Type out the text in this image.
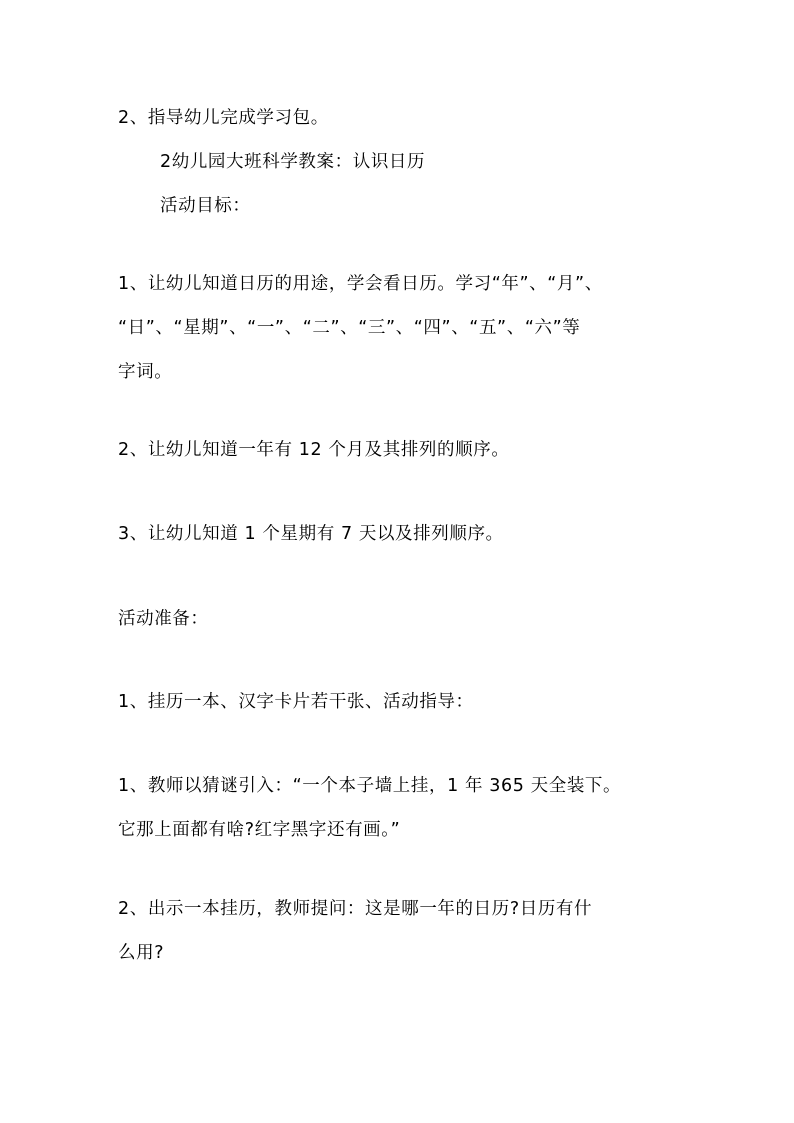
2、指导幼儿完成学习包。
2幼儿园大班科学教案：认识日历
活动目标：
1、让幼儿知道日历的用途，学会看日历。学习“年”、“月”、
“日”、“星期”、“一”、“二”、“三”、“四”、“五”、“六”等
字词。
2、让幼儿知道一年有 12 个月及其排列的顺序。
3、让幼儿知道 1 个星期有 7 天以及排列顺序。
活动准备：
1、挂历一本、汉字卡片若干张、活动指导：
1、教师以猜谜引入：“一个本子墙上挂，1 年 365 天全装下。
它那上面都有啥?红字黑字还有画。”
2、出示一本挂历，教师提问：这是哪一年的日历?日历有什
么用?
